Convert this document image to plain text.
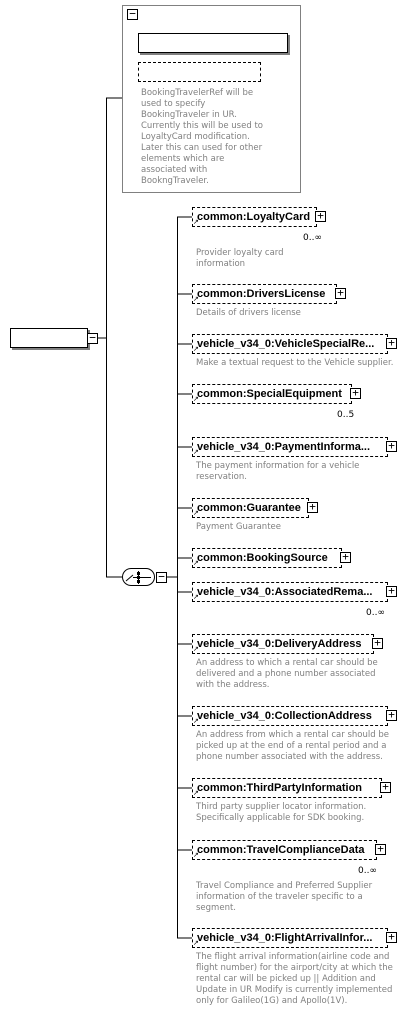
−
BookingTravelerRef will be
used to specify
BookingTraveler in UR.
Currently this will be used to
LoyaltyCard modification.
Later this can used for other
elements which are
associated with
BookngTraveler.
−
−
common:LoyaltyCard
↗
+
0..∞
Provider loyalty card
information
common:DriversLicense
↗
+
Details of drivers license
vehicle_v34_0:VehicleSpecialRe...
↗
+
Make a textual request to the Vehicle supplier.
common:SpecialEquipment
↗
+
0..5
vehicle_v34_0:PaymentInforma...
↗
+
The payment information for a vehicle
reservation.
common:Guarantee
↗
+
Payment Guarantee
common:BookingSource
↗
+
vehicle_v34_0:AssociatedRema...
↗
+
0..∞
vehicle_v34_0:DeliveryAddress
↗
+
An address to which a rental car should be
delivered and a phone number associated
with the address.
vehicle_v34_0:CollectionAddress
↗
+
An address from which a rental car should be
picked up at the end of a rental period and a
phone number associated with the address.
common:ThirdPartyInformation
↗
+
Third party supplier locator information.
Specifically applicable for SDK booking.
common:TravelComplianceData
↗
+
0..∞
Travel Compliance and Preferred Supplier
information of the traveler specific to a
segment.
vehicle_v34_0:FlightArrivalInfor...
↗
+
The flight arrival information(airline code and
flight number) for the airport/city at which the
rental car will be picked up || Addition and
Update in UR Modify is currently implemented
only for Galileo(1G) and Apollo(1V).
